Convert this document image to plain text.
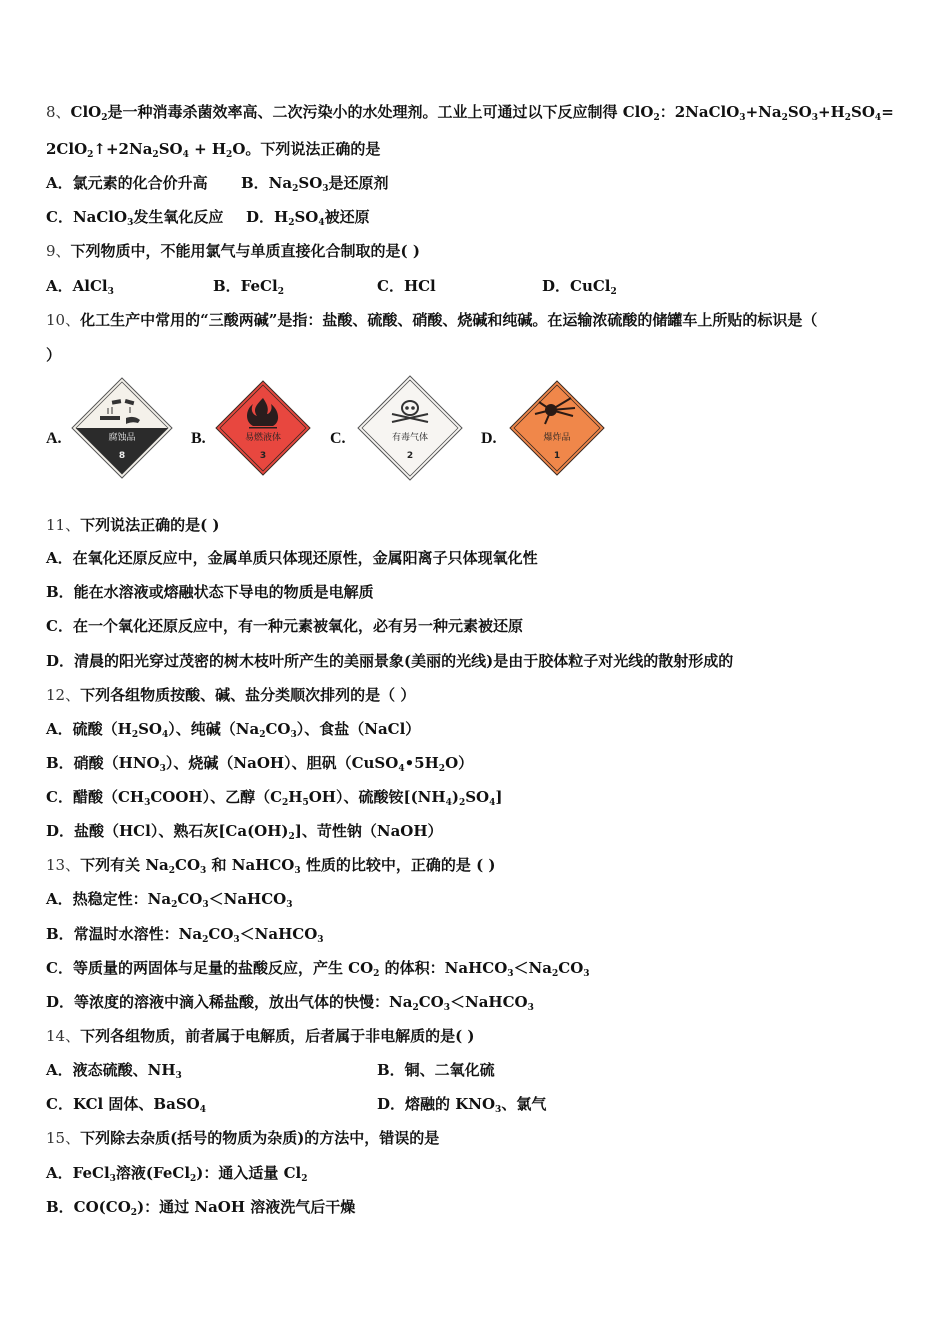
8、ClO$_2$是一种消毒杀菌效率高、二次污染小的水处理剂。工业上可通过以下反应制得 ClO$_2$：$2NaClO_3+Na_2SO_3+H_2SO_4=$
$2ClO_2↑+2Na_2SO_4 + H_2O$。下列说法正确的是
A．氯元素的化合价升高 B．$Na_2SO_3$是还原剂
C．NaClO$_3$发生氧化反应 D．$H_2SO_4$被还原
9、下列物质中，不能用氯气与单质直接化合制取的是( )
A．AlCl$_3$	B．FeCl$_2$	C．HCl	D．CuCl$_2$
10、化工生产中常用的“三酸两碱”是指：盐酸、硫酸、硝酸、烧碱和纯碱。在运输浓硫酸的储罐车上所贴的标识是（
）
A.	腐蚀品
8
B.	易燃液体
3
C.	有毒气体
2
D.	爆炸品
1
11、下列说法正确的是( )
A．在氧化还原反应中，金属单质只体现还原性，金属阳离子只体现氧化性
B．能在水溶液或熔融状态下导电的物质是电解质
C．在一个氧化还原反应中，有一种元素被氧化，必有另一种元素被还原
D．清晨的阳光穿过茂密的树木枝叶所产生的美丽景象(美丽的光线)是由于胶体粒子对光线的散射形成的
12、下列各组物质按酸、碱、盐分类顺次排列的是（ ）
A．硫酸$(H_2SO_4)$、纯碱$(Na_2CO_3)$、食盐（NaCl）
B．硝酸$(HNO_3)$、烧碱（NaOH）、胆矾$(CuSO_4•5H_2O)$
C．醋酸$(CH_3COOH)$、乙醇$(C_2H_5OH)$、硫酸铵$[(NH_4)_2SO_4]$
D．盐酸（HCl）、熟石灰$[Ca(OH)_2]$、苛性钠（NaOH）
13、下列有关 $Na_2CO_3$ 和 NaHCO$_3$ 性质的比较中，正确的是 ( )
A．热稳定性：$Na_2CO_3<NaHCO_3$
B．常温时水溶性：$Na_2CO_3<NaHCO_3$
C．等质量的两固体与足量的盐酸反应，产生 $CO_2$ 的体积：$NaHCO_3<Na_2CO_3$
D．等浓度的溶液中滴入稀盐酸，放出气体的快慢：$Na_2CO_3<NaHCO_3$
14、下列各组物质，前者属于电解质，后者属于非电解质的是( )
A．液态硫酸、$NH_3$	B．铜、二氧化硫
C．KCl 固体、BaSO$_4$	D．熔融的 $KNO_3$、氯气
15、下列除去杂质(括号的物质为杂质)的方法中，错误的是
A．FeCl$_3$溶液(FeCl$_2$)：通入适量 $Cl_2$
B．$CO(CO_2)$：通过 NaOH 溶液洗气后干燥
